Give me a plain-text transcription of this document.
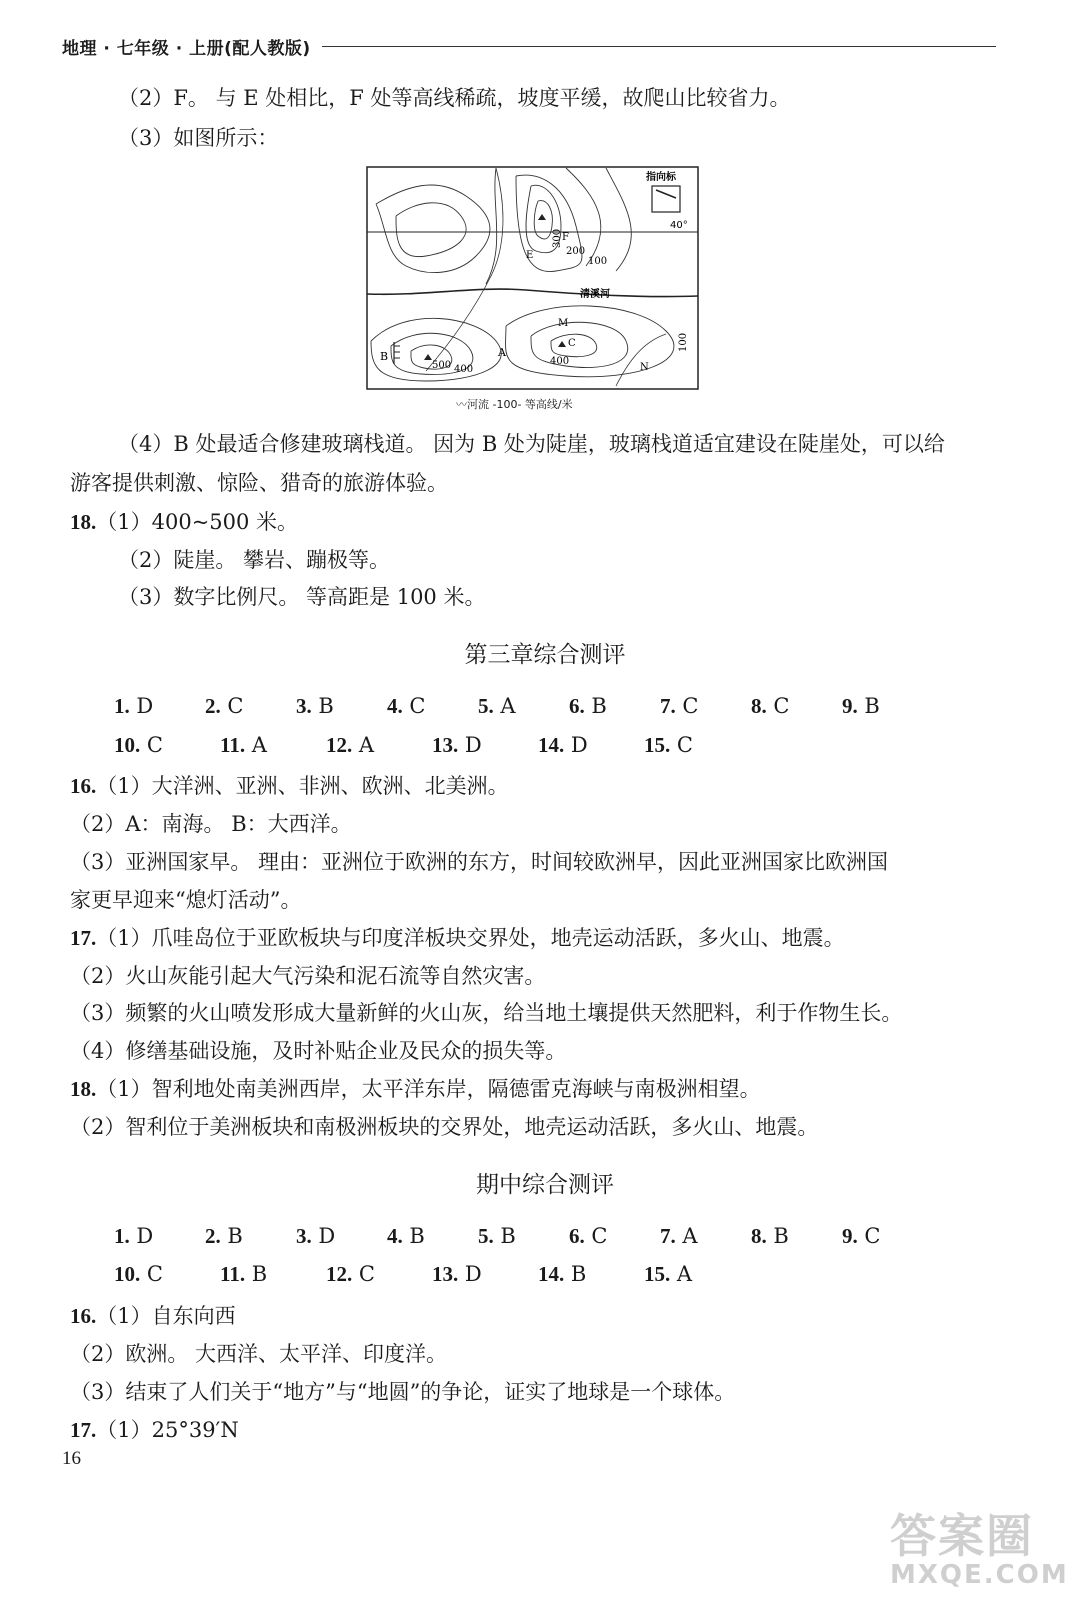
地理 · 七年级 · 上册(配人教版)
（2）F。 与 E 处相比，F 处等高线稀疏，坡度平缓，故爬山比较省力。
（3）如图所示：
指向标
40°
清溪河
300
200
100
100
500 400
400
E
F
B	A
M
C
N
〰河流 -100- 等高线/米
（4）B 处最适合修建玻璃栈道。 因为 B 处为陡崖，玻璃栈道适宜建设在陡崖处，可以给
游客提供刺激、惊险、猎奇的旅游体验。
18.（1）400~500 米。
（2）陡崖。 攀岩、蹦极等。
（3）数字比例尺。 等高距是 100 米。
第三章综合测评
1. D 2. C	3. B	4. C	5. A	6. B	7. C	8. C	9. B
10. C	11. A	12. A	13. D	14. D	15. C
16.（1）大洋洲、亚洲、非洲、欧洲、北美洲。
（2）A：南海。 B：大西洋。
（3）亚洲国家早。 理由：亚洲位于欧洲的东方，时间较欧洲早，因此亚洲国家比欧洲国
家更早迎来“熄灯活动”。
17.（1）爪哇岛位于亚欧板块与印度洋板块交界处，地壳运动活跃，多火山、地震。
（2）火山灰能引起大气污染和泥石流等自然灾害。
（3）频繁的火山喷发形成大量新鲜的火山灰，给当地土壤提供天然肥料，利于作物生长。
（4）修缮基础设施，及时补贴企业及民众的损失等。
18.（1）智利地处南美洲西岸，太平洋东岸，隔德雷克海峡与南极洲相望。
（2）智利位于美洲板块和南极洲板块的交界处，地壳运动活跃，多火山、地震。
期中综合测评
1. D 2. B	3. D 4. B	5. B	6. C	7. A	8. B	9. C
10. C	11. B	12. C	13. D	14. B	15. A
16.（1）自东向西
（2）欧洲。 大西洋、太平洋、印度洋。
（3）结束了人们关于“地方”与“地圆”的争论，证实了地球是一个球体。
17.（1）25°39′N
16
答案圈
MXQE.COM
